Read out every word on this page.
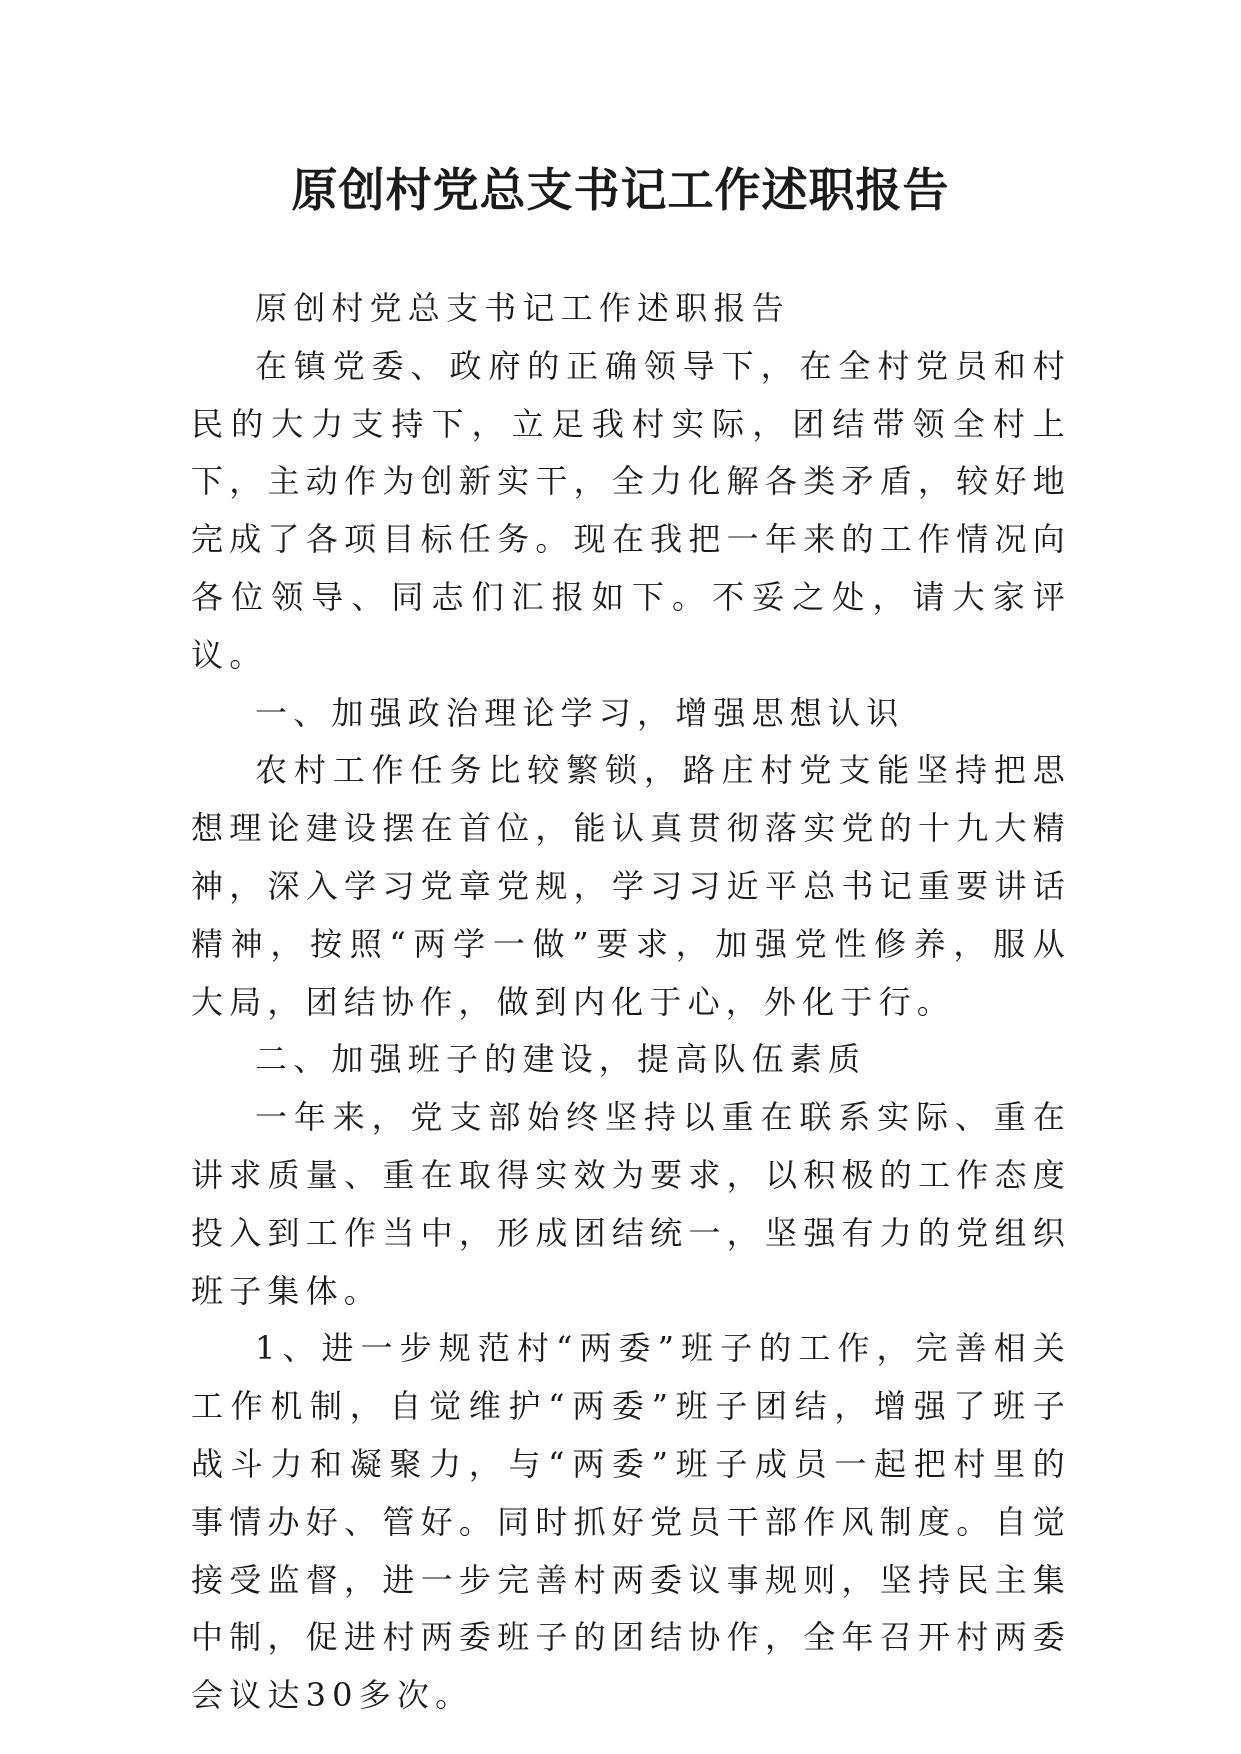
原创村党总支书记工作述职报告

原创村党总支书记工作述职报告

在镇党委、政府的正确领导下，在全村党员和村民的大力支持下，立足我村实际，团结带领全村上下，主动作为创新实干，全力化解各类矛盾，较好地完成了各项目标任务。现在我把一年来的工作情况向各位领导、同志们汇报如下。不妥之处，请大家评议。

一、加强政治理论学习，增强思想认识

农村工作任务比较繁锁，路庄村党支能坚持把思想理论建设摆在首位，能认真贯彻落实党的十九大精神，深入学习党章党规，学习习近平总书记重要讲话精神，按照“两学一做”要求，加强党性修养，服从大局，团结协作，做到内化于心，外化于行。

二、加强班子的建设，提高队伍素质

一年来，党支部始终坚持以重在联系实际、重在讲求质量、重在取得实效为要求，以积极的工作态度投入到工作当中，形成团结统一，坚强有力的党组织班子集体。

1、进一步规范村“两委”班子的工作，完善相关工作机制，自觉维护“两委”班子团结，增强了班子战斗力和凝聚力，与“两委”班子成员一起把村里的事情办好、管好。同时抓好党员干部作风制度。自觉接受监督，进一步完善村两委议事规则，坚持民主集中制，促进村两委班子的团结协作，全年召开村两委会议达30多次。
